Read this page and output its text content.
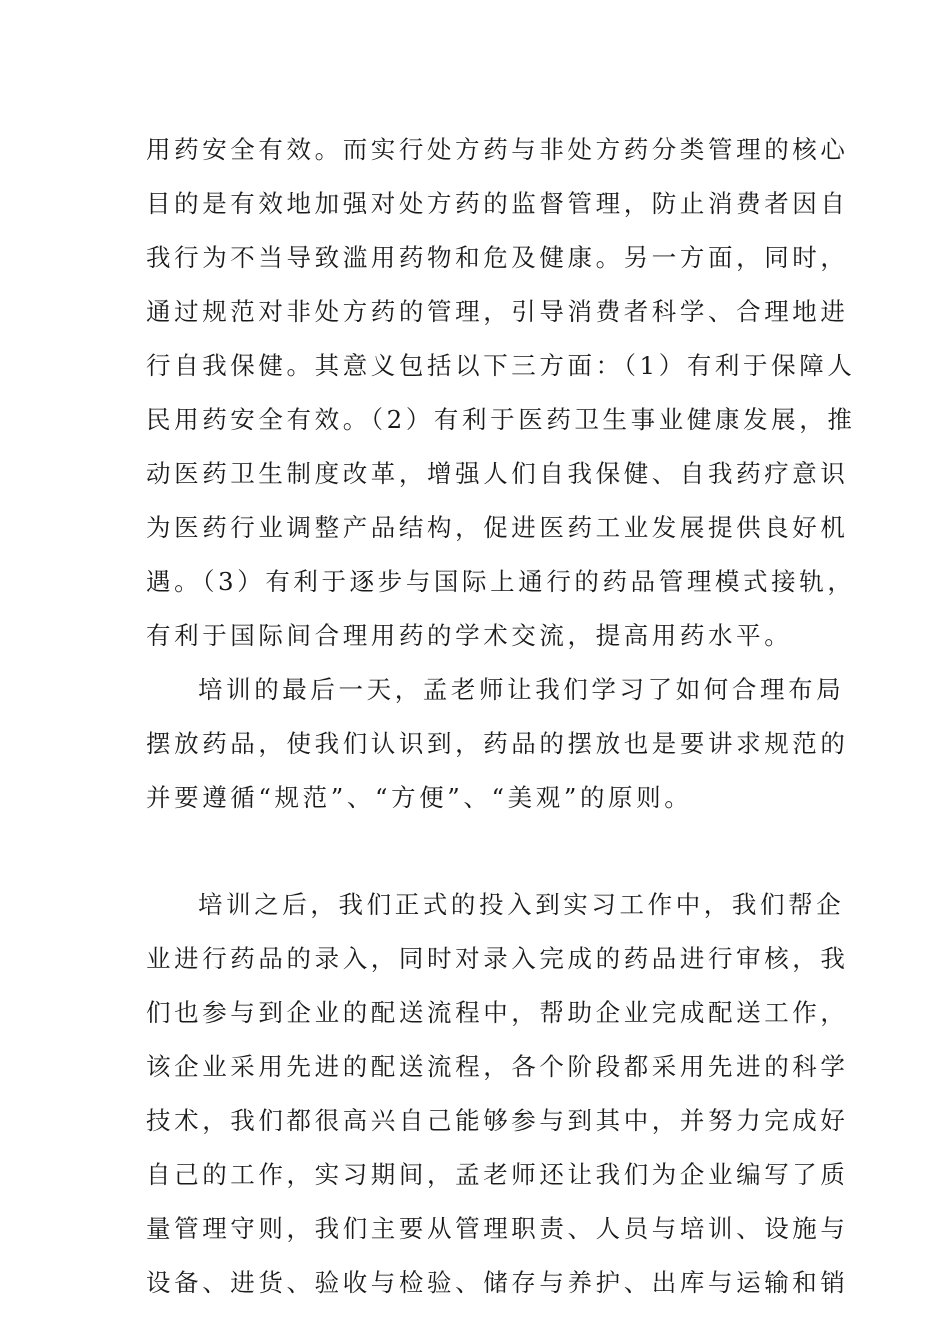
用药安全有效。而实行处方药与非处方药分类管理的核心
目的是有效地加强对处方药的监督管理，防止消费者因自
我行为不当导致滥用药物和危及健康。另一方面，同时，
通过规范对非处方药的管理，引导消费者科学、合理地进
行自我保健。其意义包括以下三方面：（1）有利于保障人
民用药安全有效。（2）有利于医药卫生事业健康发展，推
动医药卫生制度改革，增强人们自我保健、自我药疗意识
为医药行业调整产品结构，促进医药工业发展提供良好机
遇。（3）有利于逐步与国际上通行的药品管理模式接轨，
有利于国际间合理用药的学术交流，提高用药水平。
培训的最后一天，孟老师让我们学习了如何合理布局
摆放药品，使我们认识到，药品的摆放也是要讲求规范的
并要遵循“规范”、“方便”、“美观”的原则。
培训之后，我们正式的投入到实习工作中，我们帮企
业进行药品的录入，同时对录入完成的药品进行审核，我
们也参与到企业的配送流程中，帮助企业完成配送工作，
该企业采用先进的配送流程，各个阶段都采用先进的科学
技术，我们都很高兴自己能够参与到其中，并努力完成好
自己的工作，实习期间，孟老师还让我们为企业编写了质
量管理守则，我们主要从管理职责、人员与培训、设施与
设备、进货、验收与检验、储存与养护、出库与运输和销
